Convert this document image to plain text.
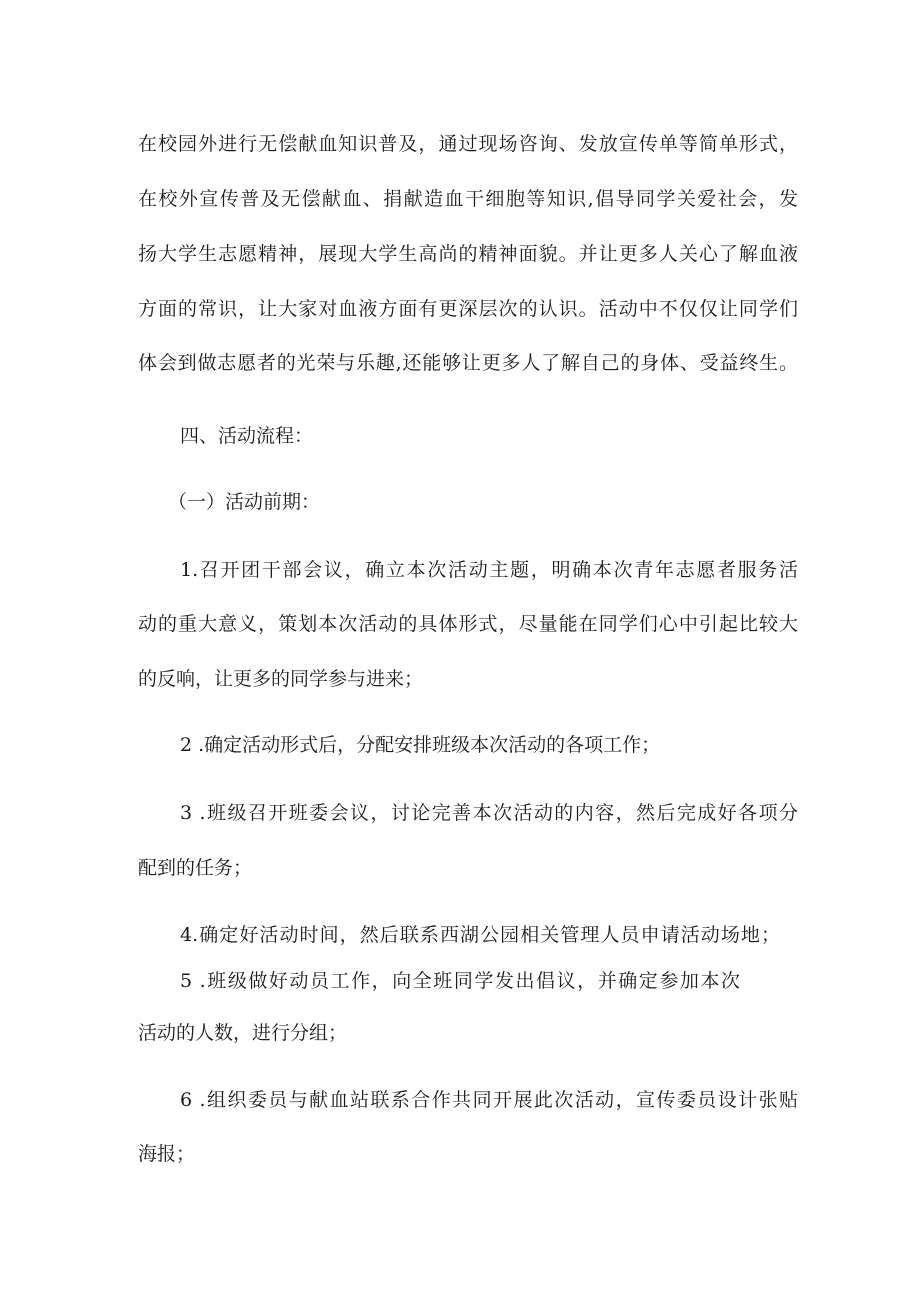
在校园外进行无偿献血知识普及，通过现场咨询、发放宣传单等简单形式，

在校外宣传普及无偿献血、捐献造血干细胞等知识,倡导同学关爱社会，发

扬大学生志愿精神，展现大学生高尚的精神面貌。并让更多人关心了解血液

方面的常识，让大家对血液方面有更深层次的认识。活动中不仅仅让同学们

体会到做志愿者的光荣与乐趣,还能够让更多人了解自己的身体、受益终生。

四、活动流程：

（一）活动前期：

1.召开团干部会议，确立本次活动主题，明确本次青年志愿者服务活

动的重大意义，策划本次活动的具体形式，尽量能在同学们心中引起比较大

的反响，让更多的同学参与进来；

2 .确定活动形式后，分配安排班级本次活动的各项工作；

3 .班级召开班委会议，讨论完善本次活动的内容，然后完成好各项分

配到的任务；

4.确定好活动时间，然后联系西湖公园相关管理人员申请活动场地；

5 .班级做好动员工作，向全班同学发出倡议，并确定参加本次

活动的人数，进行分组；

6 .组织委员与献血站联系合作共同开展此次活动，宣传委员设计张贴

海报；
